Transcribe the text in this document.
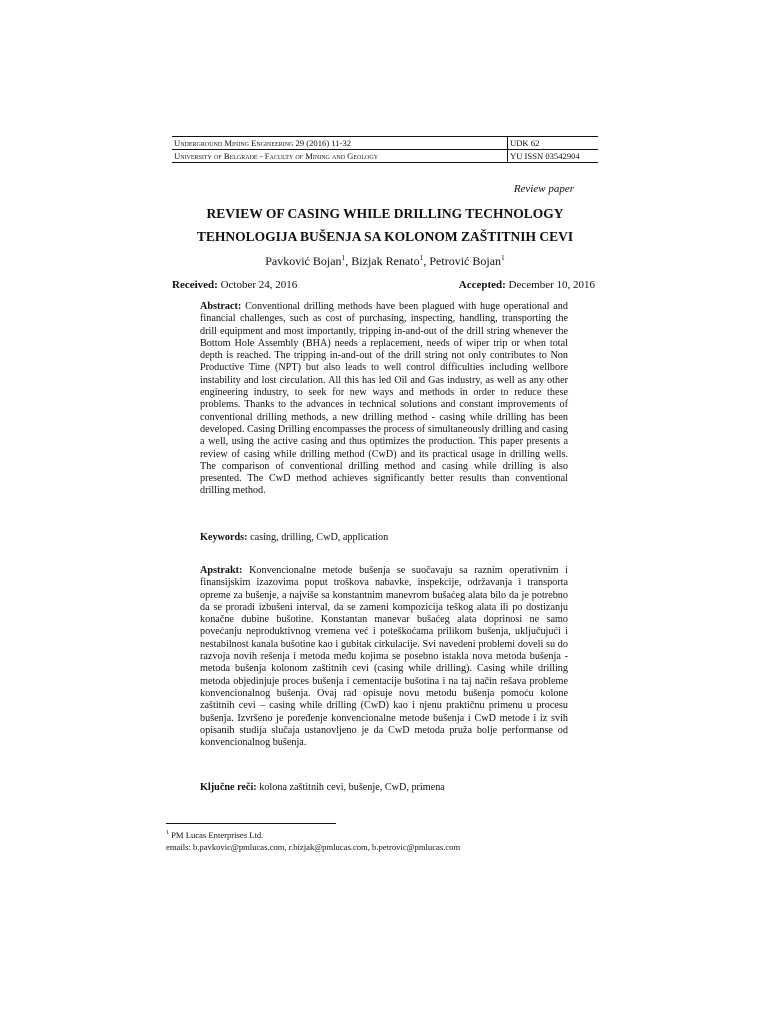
Underground Mining Engineering 29 (2016) 11-32	UDK 62
University of Belgrade - Faculty of Mining and Geology	YU ISSN 03542904
Review paper
REVIEW OF CASING WHILE DRILLING TECHNOLOGY
TEHNOLOGIJA BUŠENJA SA KOLONOM ZAŠTITNIH CEVI
Pavković Bojan$^1$, Bizjak Renato$^1$, Petrović Bojan$^1$
Received: October 24, 2016	Accepted: December 10, 2016

Abstract: Conventional drilling methods have been plagued with huge operational and financial challenges, such as cost of purchasing, inspecting, handling, transporting the drill equipment and most importantly, tripping in-and-out of the drill string whenever the Bottom Hole Assembly (BHA) needs a replacement, needs of wiper trip or when total depth is reached. The tripping in-and-out of the drill string not only contributes to Non Productive Time (NPT) but also leads to well control difficulties including wellbore instability and lost circulation. All this has led Oil and Gas industry, as well as any other engineering industry, to seek for new ways and methods in order to reduce these problems. Thanks to the advances in technical solutions and constant improvements of conventional drilling methods, a new drilling method - casing while drilling has been developed. Casing Drilling encompasses the process of simultaneously drilling and casing a well, using the active casing and thus optimizes the production. This paper presents a review of casing while drilling method (CwD) and its practical usage in drilling wells. The comparison of conventional drilling method and casing while drilling is also presented. The CwD method achieves significantly better results than conventional drilling method.

Keywords: casing, drilling, CwD, application

Apstrakt: Konvencionalne metode bušenja se suočavaju sa raznim operativnim i finansijskim izazovima poput troškova nabavke, inspekcije, održavanja i transporta opreme za bušenje, a najviše sa konstantnim manevrom bušaćeg alata bilo da je potrebno da se proradi izbušeni interval, da se zameni kompozicija teškog alata ili po dostizanju konačne dubine bušotine. Konstantan manevar bušaćeg alata doprinosi ne samo povećanju neproduktivnog vremena već i poteškoćama prilikom bušenja, uključujući i nestabilnost kanala bušotine kao i gubitak cirkulacije. Svi navedeni problemi doveli su do razvoja novih rešenja i metoda među kojima se posebno istakla nova metoda bušenja - metoda bušenja kolonom zaštitnih cevi (casing while drilling). Casing while drilling metoda objedinjuje proces bušenja i cementacije bušotina i na taj način rešava probleme konvencionalnog bušenja. Ovaj rad opisuje novu metodu bušenja pomoću kolone zaštitnih cevi – casing while drilling (CwD) kao i njenu praktičnu primenu u procesu bušenja. Izvršeno je poređenje konvencionalne metode bušenja i CwD metode i iz svih opisanih studija slučaja ustanovljeno je da CwD metoda pruža bolje performanse od konvencionalnog bušenja.

Ključne reči: kolona zaštitnih cevi, bušenje, CwD, primena

$^1$ PM Lucas Enterprises Ltd.
emails: b.pavkovic@pmlucas.com, r.bizjak@pmlucas.com, b.petrovic@pmlucas.com
